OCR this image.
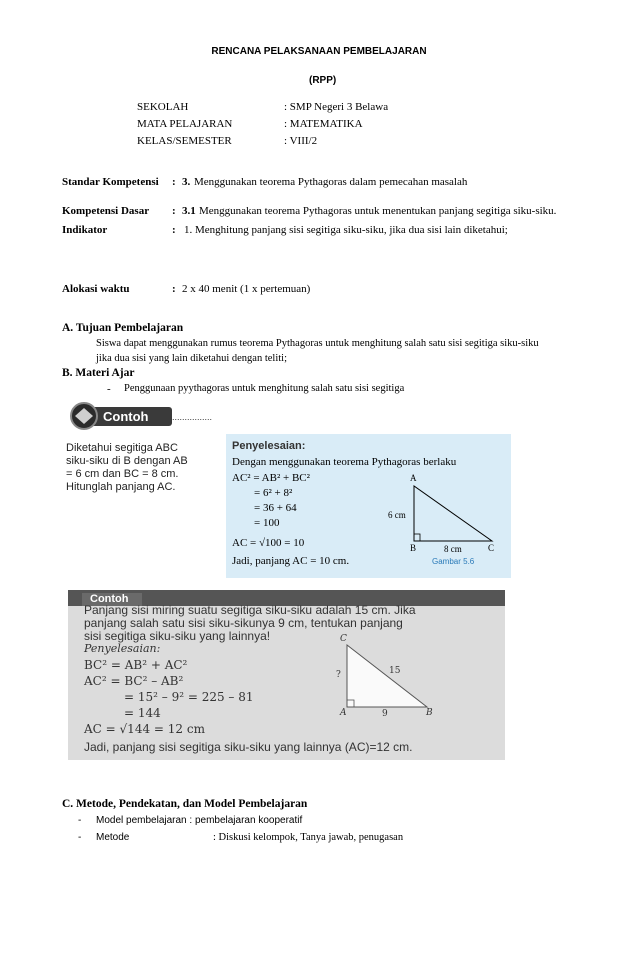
RENCANA PELAKSANAAN PEMBELAJARAN
(RPP)
SEKOLAH	: SMP Negeri 3 Belawa
MATA PELAJARAN	: MATEMATIKA
KELAS/SEMESTER	: VIII/2
Standar Kompetensi : 3. Menggunakan teorema Pythagoras dalam pemecahan masalah
Kompetensi Dasar : 3.1 Menggunakan teorema Pythagoras untuk menentukan panjang segitiga siku-siku.
Indikator	: 1. Menghitung panjang sisi segitiga siku-siku, jika dua sisi lain diketahui;
Alokasi waktu	: 2 x 40 menit (1 x pertemuan)
A. Tujuan Pembelajaran
Siswa dapat menggunakan rumus teorema Pythagoras untuk menghitung salah satu sisi segitiga siku-siku
jika dua sisi yang lain diketahui dengan teliti;
B. Materi Ajar
- Penggunaan pyythagoras untuk menghitung salah satu sisi segitiga
Contoh	................
Diketahui segitiga ABC
siku-siku di B dengan AB
= 6 cm dan BC = 8 cm.
Hitunglah panjang AC.
Penyelesaian:
Dengan menggunakan teorema Pythagoras berlaku
AC² = AB² + BC²
= 6² + 8²
= 36 + 64
= 100
AC = √100 = 10
Jadi, panjang AC = 10 cm.
A
B	C
6 cm
8 cm
Gambar 5.6
Contoh
Panjang sisi miring suatu segitiga siku-siku adalah 15 cm. Jika
panjang salah satu sisi siku-sikunya 9 cm, tentukan panjang
sisi segitiga siku-siku yang lainnya!
Penyelesaian:
BC² = AB² + AC²
AC² = BC² – AB²
= 15² – 9² = 225 – 81
= 144
AC = √144 = 12 cm
Jadi, panjang sisi segitiga siku-siku yang lainnya (AC)=12 cm.
C
A	B
?	15
9
C. Metode, Pendekatan, dan Model Pembelajaran
- Model pembelajaran : pembelajaran kooperatif
- Metode	: Diskusi kelompok, Tanya jawab, penugasan
